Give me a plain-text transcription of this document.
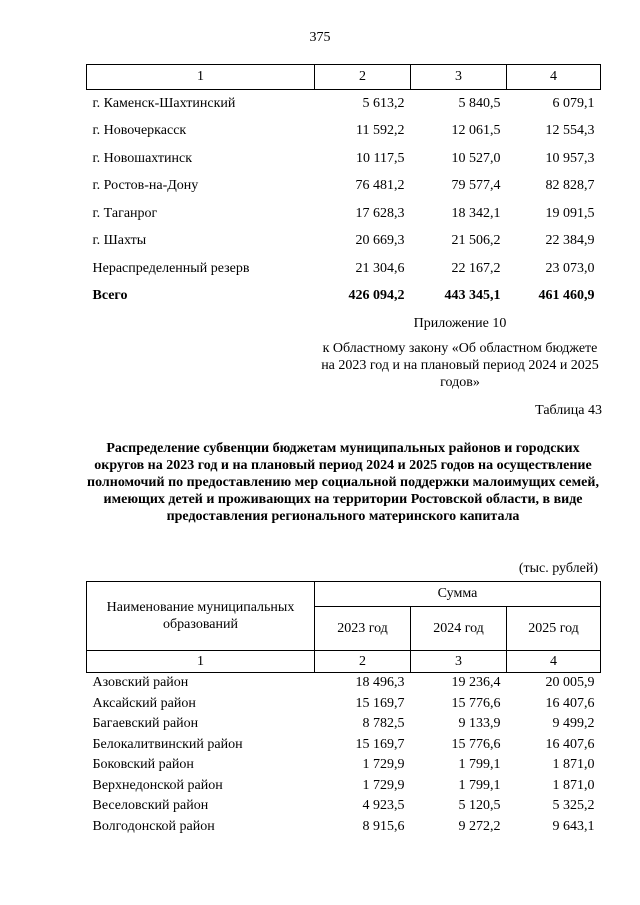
375
1	2	3	4
г. Каменск-Шахтинский	5 613,2	5 840,5	6 079,1
г. Новочеркасск	11 592,2	12 061,5	12 554,3
г. Новошахтинск	10 117,5	10 527,0	10 957,3
г. Ростов-на-Дону	76 481,2	79 577,4	82 828,7
г. Таганрог	17 628,3	18 342,1	19 091,5
г. Шахты	20 669,3	21 506,2	22 384,9
Нераспределенный резерв	21 304,6	22 167,2	23 073,0
Всего	426 094,2	443 345,1	461 460,9
Приложение 10
к Областному закону «Об областном бюджете на 2023 год и на плановый период 2024 и 2025 годов»
Таблица 43
Распределение субвенции бюджетам муниципальных районов и городских округов на 2023 год и на плановый период 2024 и 2025 годов на осуществление полномочий по предоставлению мер социальной поддержки малоимущих семей, имеющих детей и проживающих на территории Ростовской области, в виде предоставления регионального материнского капитала
(тыс. рублей)
Наименование муниципальных образований	Сумма		
	2023 год	2024 год	2025 год
1	2	3	4
Азовский район	18 496,3	19 236,4	20 005,9
Аксайский район	15 169,7	15 776,6	16 407,6
Багаевский район	8 782,5	9 133,9	9 499,2
Белокалитвинский район	15 169,7	15 776,6	16 407,6
Боковский район	1 729,9	1 799,1	1 871,0
Верхнедонской район	1 729,9	1 799,1	1 871,0
Веселовский район	4 923,5	5 120,5	5 325,2
Волгодонской район	8 915,6	9 272,2	9 643,1
